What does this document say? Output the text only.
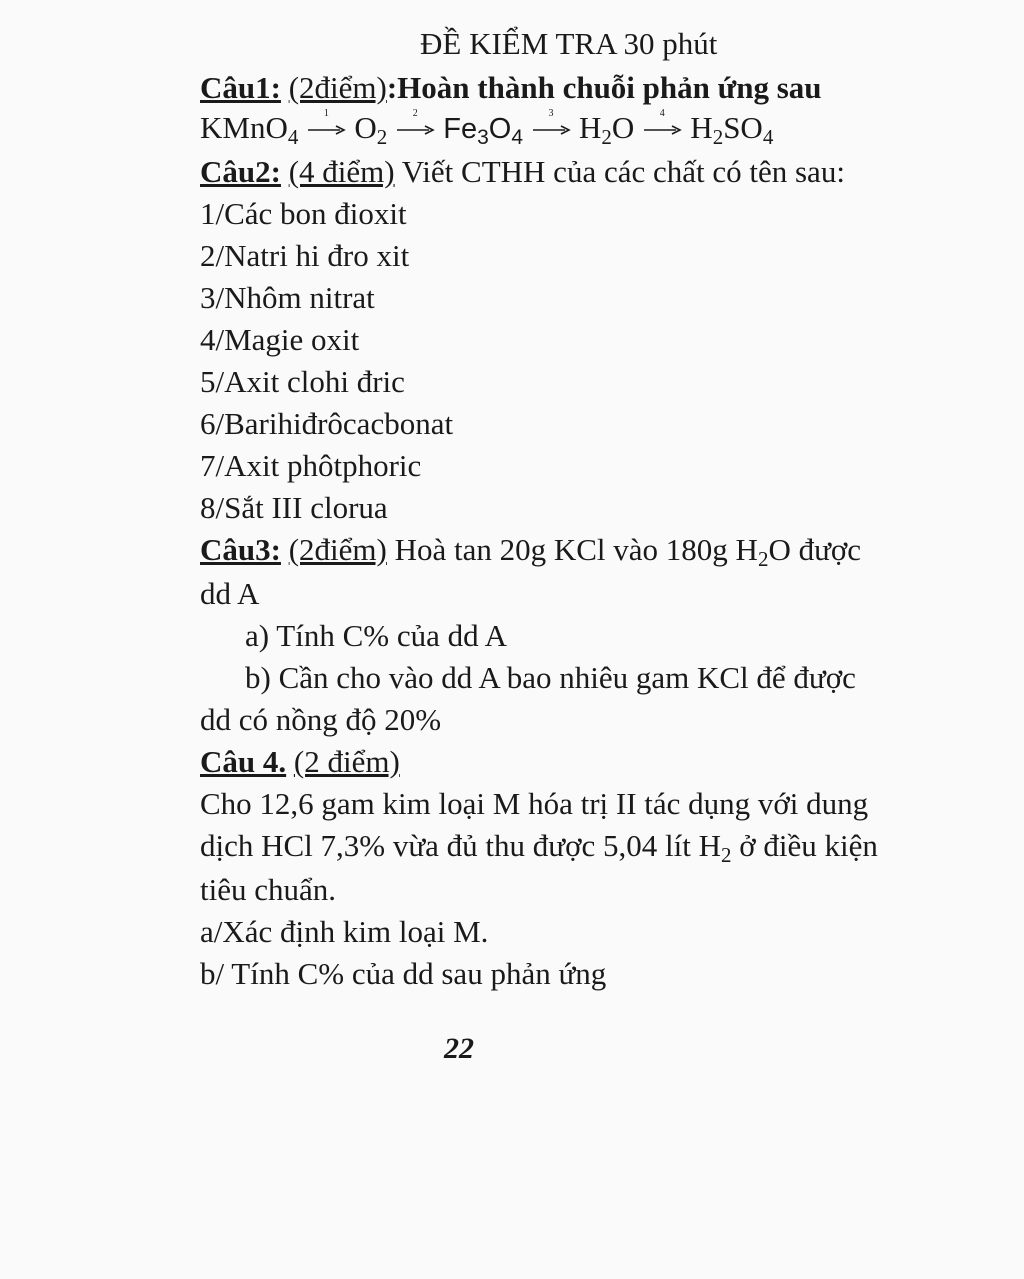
ĐỀ KIỂM TRA 30 phút
Câu1: (2điểm):Hoàn thành chuỗi phản ứng sau
KMnO$_4$
1 $O_2$
2 $Fe_3O_4$
3 $H_2O$	4 $H_2SO_4$
Câu2: (4 điểm) Viết CTHH của các chất có tên sau:
1/Các bon đioxit
2/Natri hi đro xit
3/Nhôm nitrat
4/Magie oxit
5/Axit clohi đric
6/Barihiđrôcacbonat
7/Axit phôtphoric
8/Sắt III clorua
Câu3: (2điểm) Hoà tan 20g KCl vào 180g $H_2O$ được
dd A
a) Tính C% của dd A
b) Cần cho vào dd A bao nhiêu gam KCl để được
dd có nồng độ 20%
Câu 4. (2 điểm)
Cho 12,6 gam kim loại M hóa trị II tác dụng với dung
dịch HCl 7,3% vừa đủ thu được 5,04 lít $H_2$ ở điều kiện
tiêu chuẩn.
a/Xác định kim loại M.
b/ Tính C% của dd sau phản ứng
22
